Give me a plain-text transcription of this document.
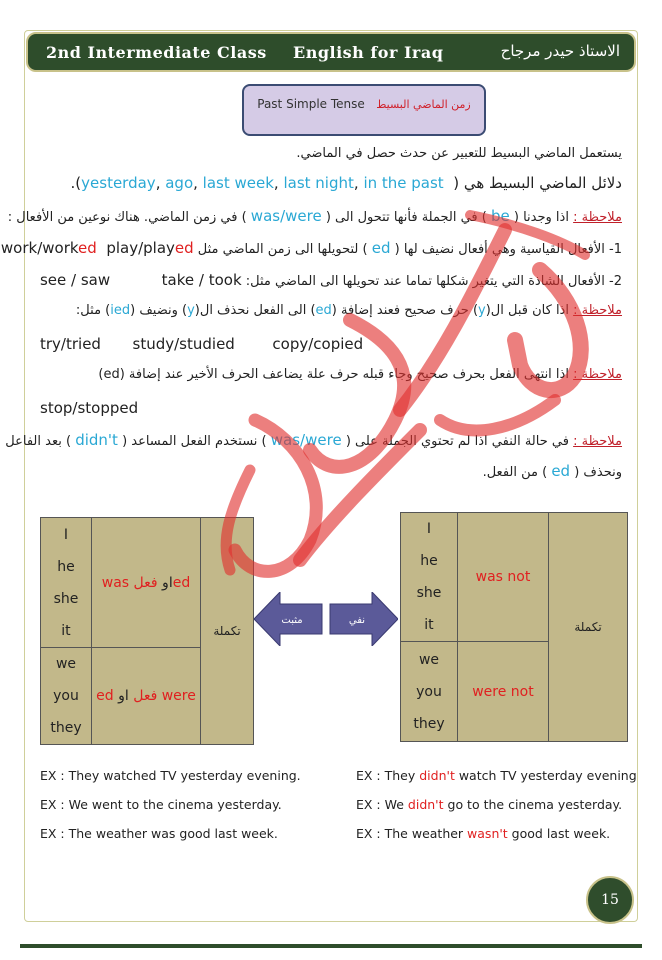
2nd Intermediate Class English for Iraq	الاستاذ حيدر مرجاح
Past Simple Tense زمن الماضي البسيط
يستعمل الماضي البسيط للتعبير عن حدث حصل في الماضي.
دلائل الماضي البسيط هي ( yesterday, ago, last week, last night, in the past ).
ملاحظة : اذا وجدنا ( be ) في الجملة فأنها تتحول الى ( was/were ) في زمن الماضي. هناك نوعين من الأفعال :
1- الأفعال القياسية وهي أفعال نضيف لها ( ed ) لتحويلها الى زمن الماضي مثل work/worked play/played
2- الأفعال الشاذة التي يتغير شكلها تماما عند تحويلها الى الماضي مثل: see / saw	take / took
ملاحظة : اذا كان قبل ال(y) حرف صحيح فعند إضافة (ed) الى الفعل نحذف ال(y) ونضيف (ied) مثل:
try/tried study/studied	copy/copied
ملاحظة : اذا انتهى الفعل بحرف صحيح وجاء قبله حرف علة يضاعف الحرف الأخير عند إضافة (ed)
stop/stopped
ملاحظة : في حالة النفي اذا لم تحتوي الجملة على ( was/were ) نستخدم الفعل المساعد ( didn't ) بعد الفاعل
ونحذف ( ed ) من الفعل.
I
he
she
it	was او فعل ed	تكملة

we
you
they	ed فعل او were	
مثبت	نفي
I
he
she
it	was not	تكملة

we
you
they	were not	
EX : They watched TV yesterday evening.
EX : We went to the cinema yesterday.
EX : The weather was good last week.
EX : They didn't watch TV yesterday evening
EX : We didn't go to the cinema yesterday.
EX : The weather wasn't good last week.
15
